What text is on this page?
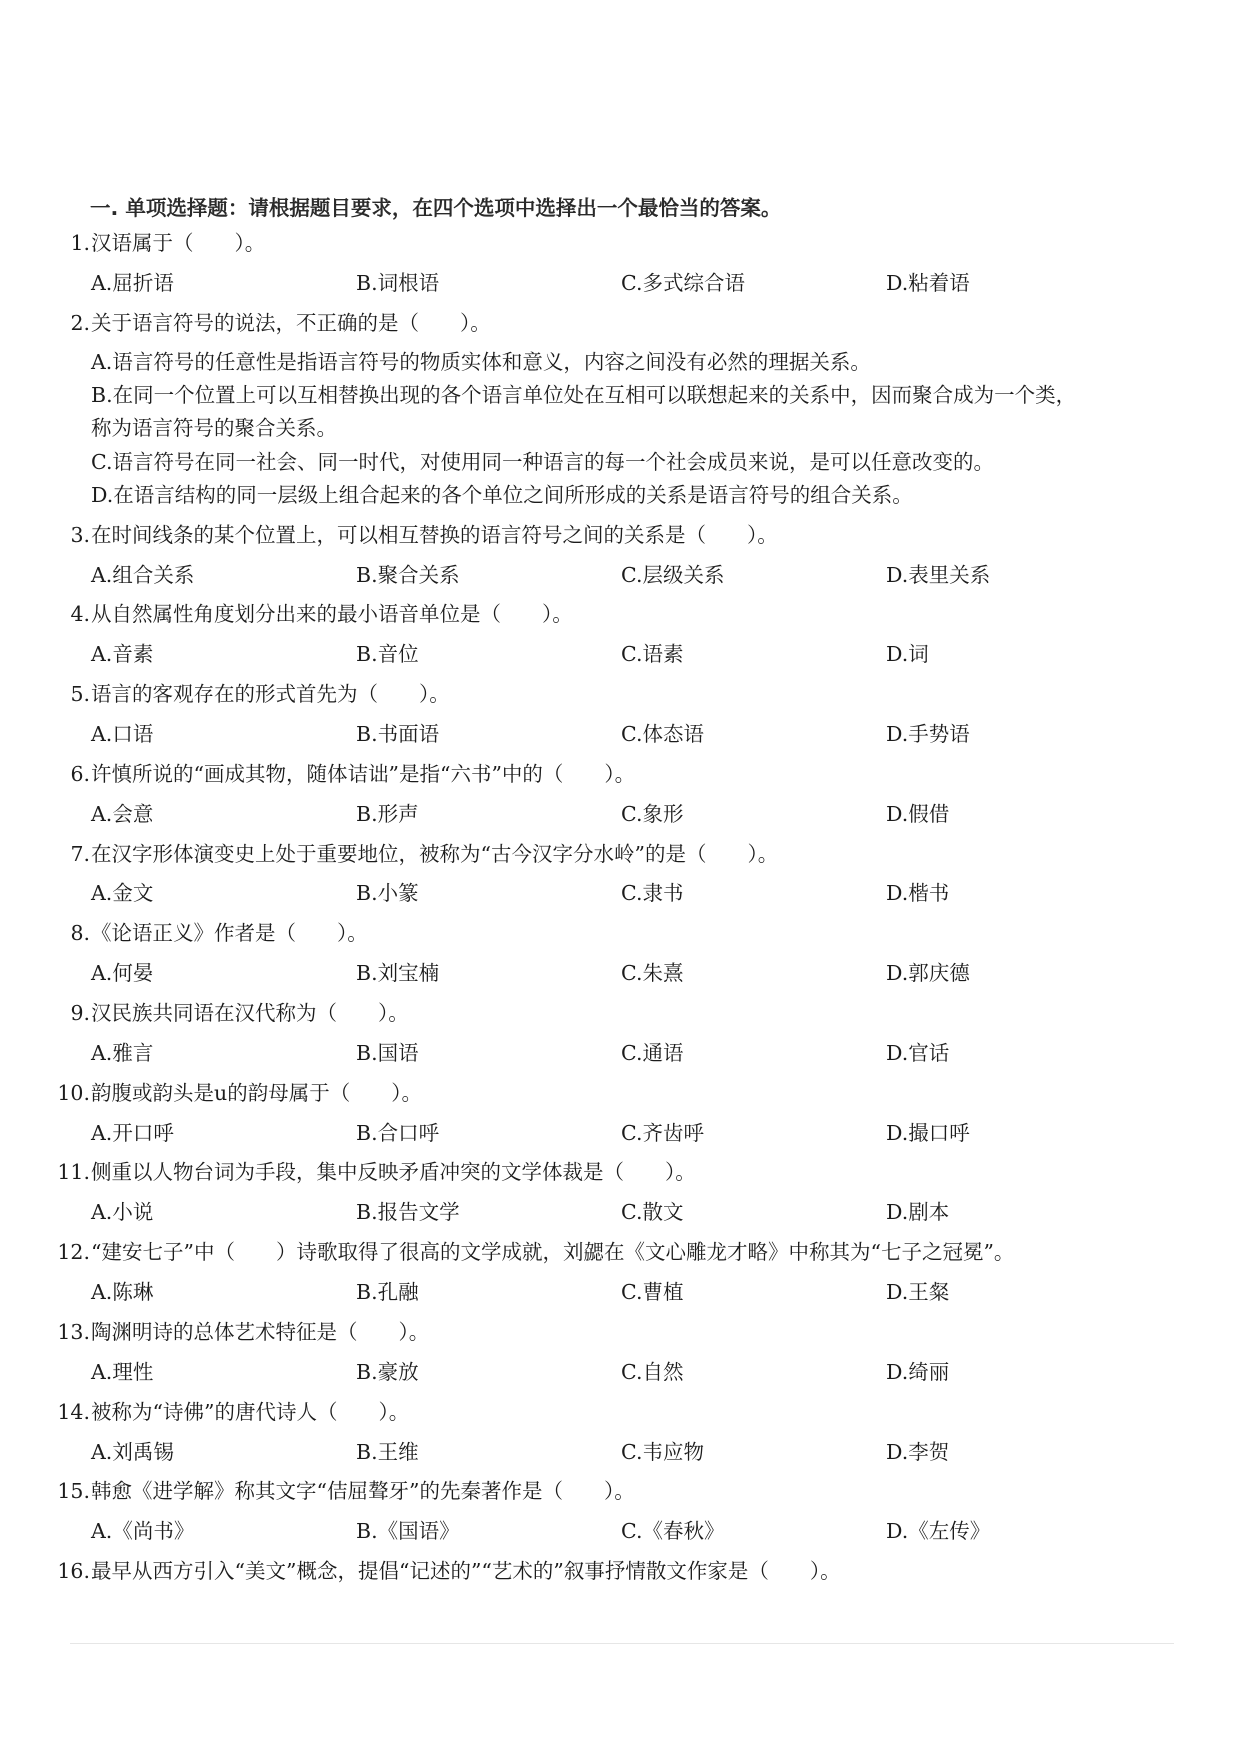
一. 单项选择题：请根据题目要求，在四个选项中选择出一个最恰当的答案。
1. 汉语属于（　　）。
A.屈折语	B.词根语	C.多式综合语	D.粘着语
2. 关于语言符号的说法，不正确的是（　　）。
A.语言符号的任意性是指语言符号的物质实体和意义，内容之间没有必然的理据关系。
B.在同一个位置上可以互相替换出现的各个语言单位处在互相可以联想起来的关系中，因而聚合成为一个类，
称为语言符号的聚合关系。
C.语言符号在同一社会、同一时代，对使用同一种语言的每一个社会成员来说，是可以任意改变的。
D.在语言结构的同一层级上组合起来的各个单位之间所形成的关系是语言符号的组合关系。
3. 在时间线条的某个位置上，可以相互替换的语言符号之间的关系是（　　）。
A.组合关系	B.聚合关系	C.层级关系	D.表里关系
4. 从自然属性角度划分出来的最小语音单位是（　　）。
A.音素	B.音位	C.语素	D.词
5. 语言的客观存在的形式首先为（　　）。
A.口语	B.书面语	C.体态语	D.手势语
6. 许慎所说的“画成其物，随体诘诎”是指“六书”中的（　　）。
A.会意	B.形声	C.象形	D.假借
7. 在汉字形体演变史上处于重要地位，被称为“古今汉字分水岭”的是（　　）。
A.金文	B.小篆	C.隶书	D.楷书
8. 《论语正义》作者是（　　）。
A.何晏	B.刘宝楠	C.朱熹	D.郭庆德
9. 汉民族共同语在汉代称为（　　）。
A.雅言	B.国语	C.通语	D.官话
10. 韵腹或韵头是u的韵母属于（　　）。
A.开口呼	B.合口呼	C.齐齿呼	D.撮口呼
11. 侧重以人物台词为手段，集中反映矛盾冲突的文学体裁是（　　）。
A.小说	B.报告文学	C.散文	D.剧本
12. “建安七子”中（　　）诗歌取得了很高的文学成就，刘勰在《文心雕龙才略》中称其为“七子之冠冕”。
A.陈琳	B.孔融	C.曹植	D.王粲
13. 陶渊明诗的总体艺术特征是（　　）。
A.理性	B.豪放	C.自然	D.绮丽
14. 被称为“诗佛”的唐代诗人（　　）。
A.刘禹锡	B.王维	C.韦应物	D.李贺
15. 韩愈《进学解》称其文字“佶屈聱牙”的先秦著作是（　　）。
A.《尚书》	B.《国语》	C.《春秋》	D.《左传》
16. 最早从西方引入“美文”概念，提倡“记述的”“艺术的”叙事抒情散文作家是（　　）。
